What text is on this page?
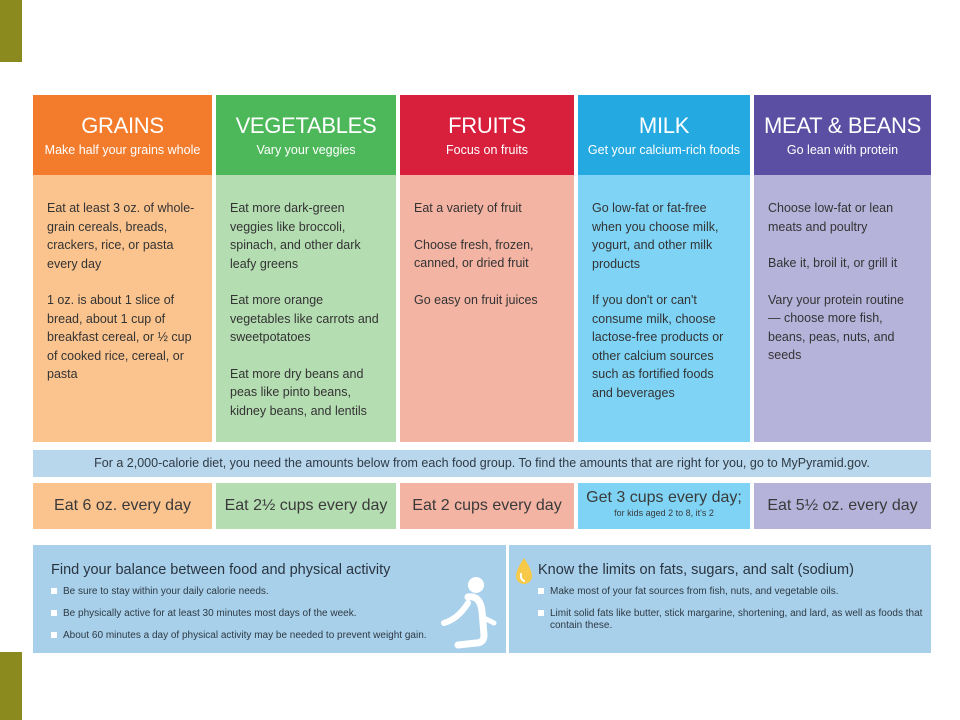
GRAINS
Make half your grains whole

Eat at least 3 oz. of whole-grain cereals, breads, crackers, rice, or pasta every day

1 oz. is about 1 slice of bread, about 1 cup of breakfast cereal, or ½ cup of cooked rice, cereal, or pasta

VEGETABLES
Vary your veggies

Eat more dark-green veggies like broccoli, spinach, and other dark leafy greens

Eat more orange vegetables like carrots and sweetpotatoes

Eat more dry beans and peas like pinto beans, kidney beans, and lentils

FRUITS
Focus on fruits

Eat a variety of fruit

Choose fresh, frozen, canned, or dried fruit

Go easy on fruit juices

MILK
Get your calcium-rich foods

Go low-fat or fat-free when you choose milk, yogurt, and other milk products

If you don't or can't consume milk, choose lactose-free products or other calcium sources such as fortified foods and beverages

MEAT & BEANS
Go lean with protein

Choose low-fat or lean meats and poultry

Bake it, broil it, or grill it

Vary your protein routine — choose more fish, beans, peas, nuts, and seeds

For a 2,000-calorie diet, you need the amounts below from each food group. To find the amounts that are right for you, go to MyPyramid.gov.
Eat 6 oz. every day	Eat 2½ cups every day	Eat 2 cups every day	Get 3 cups every day;
for kids aged 2 to 8, it's 2	Eat 5½ oz. every day
Find your balance between food and physical activity
Be sure to stay within your daily calorie needs.
Be physically active for at least 30 minutes most days of the week.
About 60 minutes a day of physical activity may be needed to prevent weight gain.
Know the limits on fats, sugars, and salt (sodium)
Make most of your fat sources from fish, nuts, and vegetable oils.
Limit solid fats like butter, stick margarine, shortening, and lard, as well as foods that contain these.
